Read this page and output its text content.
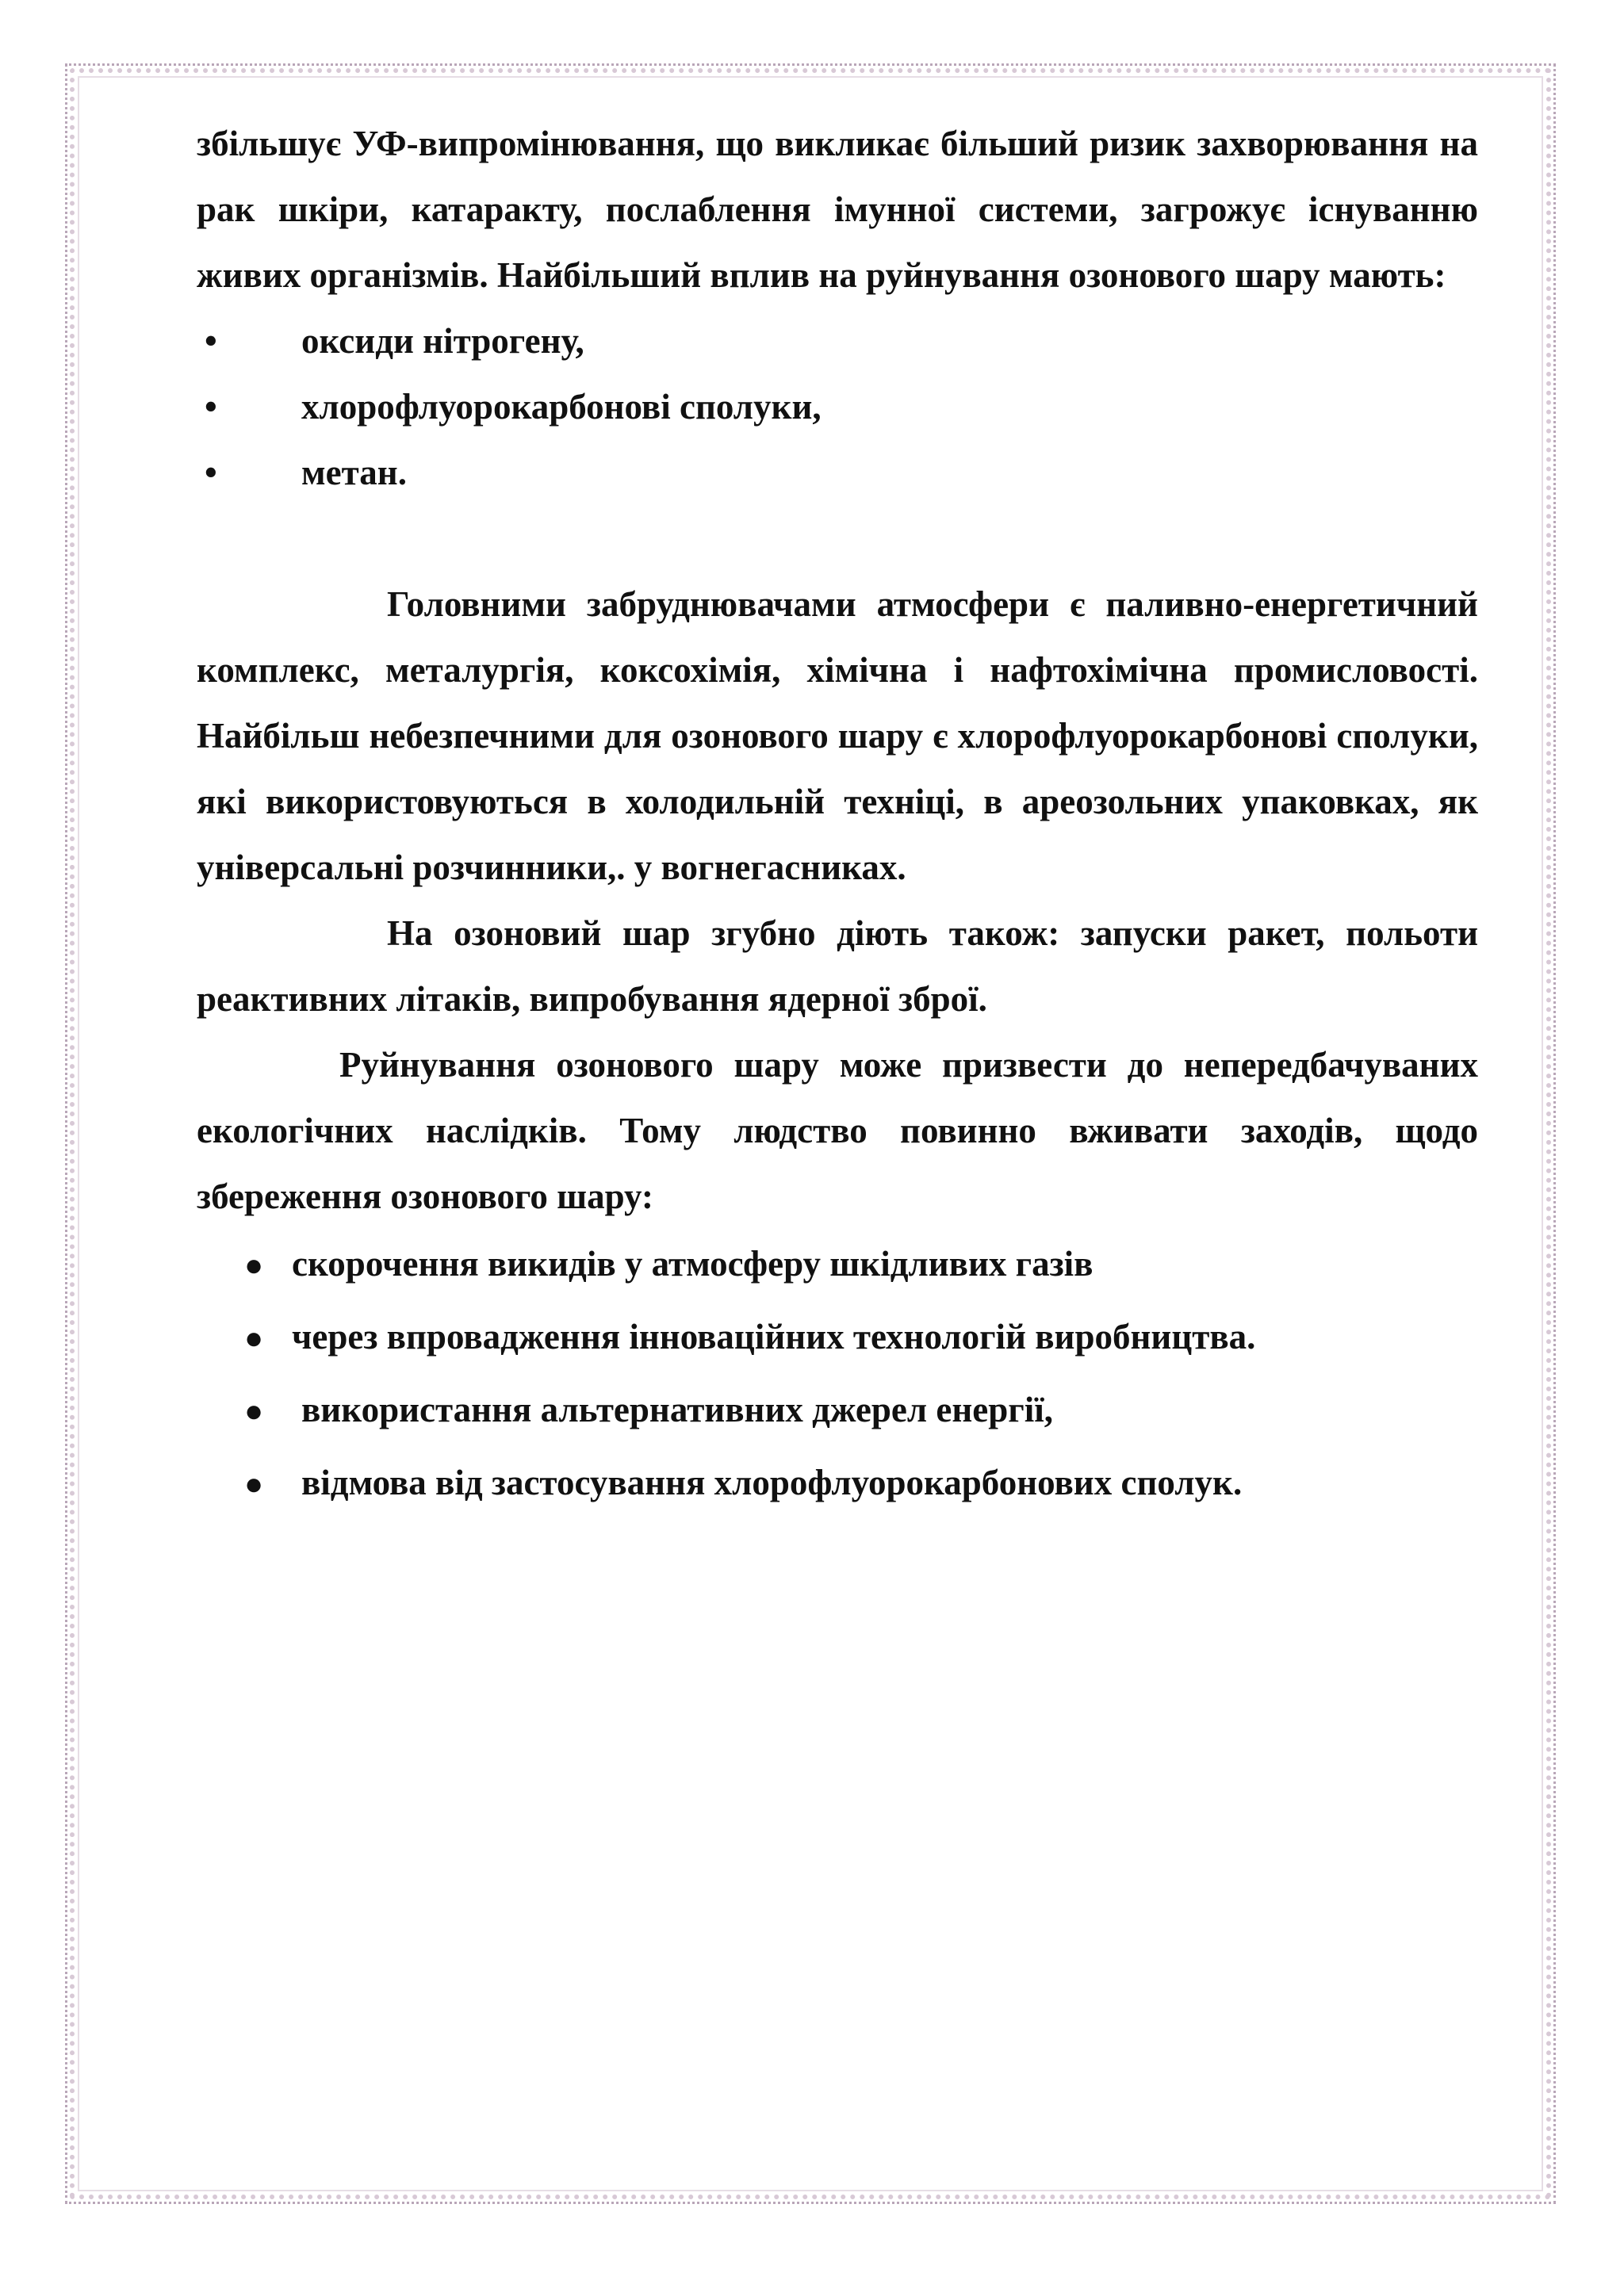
збільшує УФ-випромінювання, що викликає більший ризик захворювання на рак шкіри, катаракту, послаблення імунної системи, загрожує існуванню живих організмів. Найбільший вплив на руйнування озонового шару мають:

•	оксиди нітрогену,
•	хлорофлуорокарбонові сполуки,
•	метан.

Головними забруднювачами атмосфери є паливно-енергетичний комплекс, металургія, коксохімія, хімічна і нафтохімічна промисловості. Найбільш небезпечними для озонового шару є хлорофлуорокарбонові сполуки, які використовуються в холодильній техніці, в ареозольних упаковках, як універсальні розчинники,. у вогнегасниках.

На озоновий шар згубно діють також: запуски ракет, польоти реактивних літаків, випробування ядерної зброї.

Руйнування озонового шару може призвести до непередбачуваних екологічних наслідків. Тому людство повинно вживати заходів, щодо збереження озонового шару:

● скорочення викидів у атмосферу шкідливих газів
● через впровадження інноваційних технологій виробництва.
●	використання альтернативних джерел енергії,
●	відмова від застосування хлорофлуорокарбонових сполук.
